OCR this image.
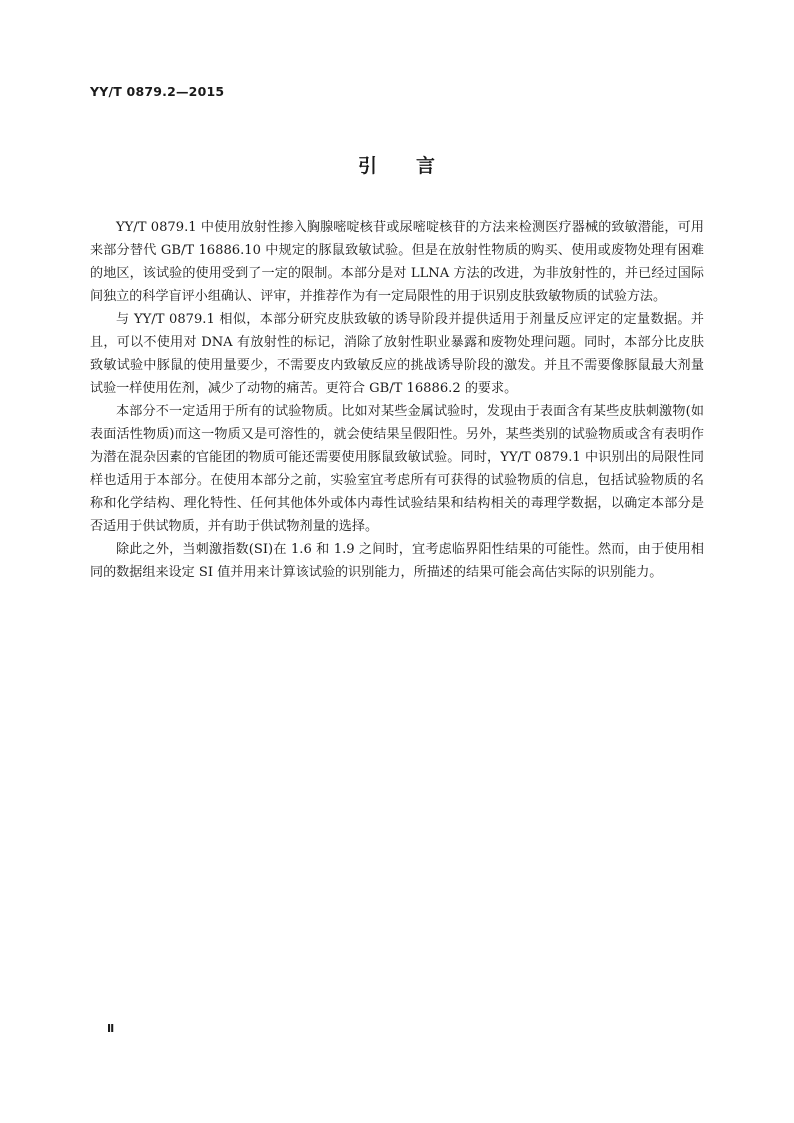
YY/T 0879.2—2015
引 言

YY/T 0879.1 中使用放射性掺入胸腺嘧啶核苷或尿嘧啶核苷的方法来检测医疗器械的致敏潜能，可用来部分替代 GB/T 16886.10 中规定的豚鼠致敏试验。但是在放射性物质的购买、使用或废物处理有困难的地区，该试验的使用受到了一定的限制。本部分是对 LLNA 方法的改进，为非放射性的，并已经过国际间独立的科学盲评小组确认、评审，并推荐作为有一定局限性的用于识别皮肤致敏物质的试验方法。

与 YY/T 0879.1 相似，本部分研究皮肤致敏的诱导阶段并提供适用于剂量反应评定的定量数据。并且，可以不使用对 DNA 有放射性的标记，消除了放射性职业暴露和废物处理问题。同时，本部分比皮肤致敏试验中豚鼠的使用量要少，不需要皮内致敏反应的挑战诱导阶段的激发。并且不需要像豚鼠最大剂量试验一样使用佐剂，减少了动物的痛苦。更符合 GB/T 16886.2 的要求。

本部分不一定适用于所有的试验物质。比如对某些金属试验时，发现由于表面含有某些皮肤刺激物(如表面活性物质)而这一物质又是可溶性的，就会使结果呈假阳性。另外，某些类别的试验物质或含有表明作为潜在混杂因素的官能团的物质可能还需要使用豚鼠致敏试验。同时，YY/T 0879.1 中识别出的局限性同样也适用于本部分。在使用本部分之前，实验室宜考虑所有可获得的试验物质的信息，包括试验物质的名称和化学结构、理化特性、任何其他体外或体内毒性试验结果和结构相关的毒理学数据，以确定本部分是否适用于供试物质，并有助于供试物剂量的选择。

除此之外，当刺激指数(SI)在 1.6 和 1.9 之间时，宜考虑临界阳性结果的可能性。然而，由于使用相同的数据组来设定 SI 值并用来计算该试验的识别能力，所描述的结果可能会高估实际的识别能力。

Ⅱ
